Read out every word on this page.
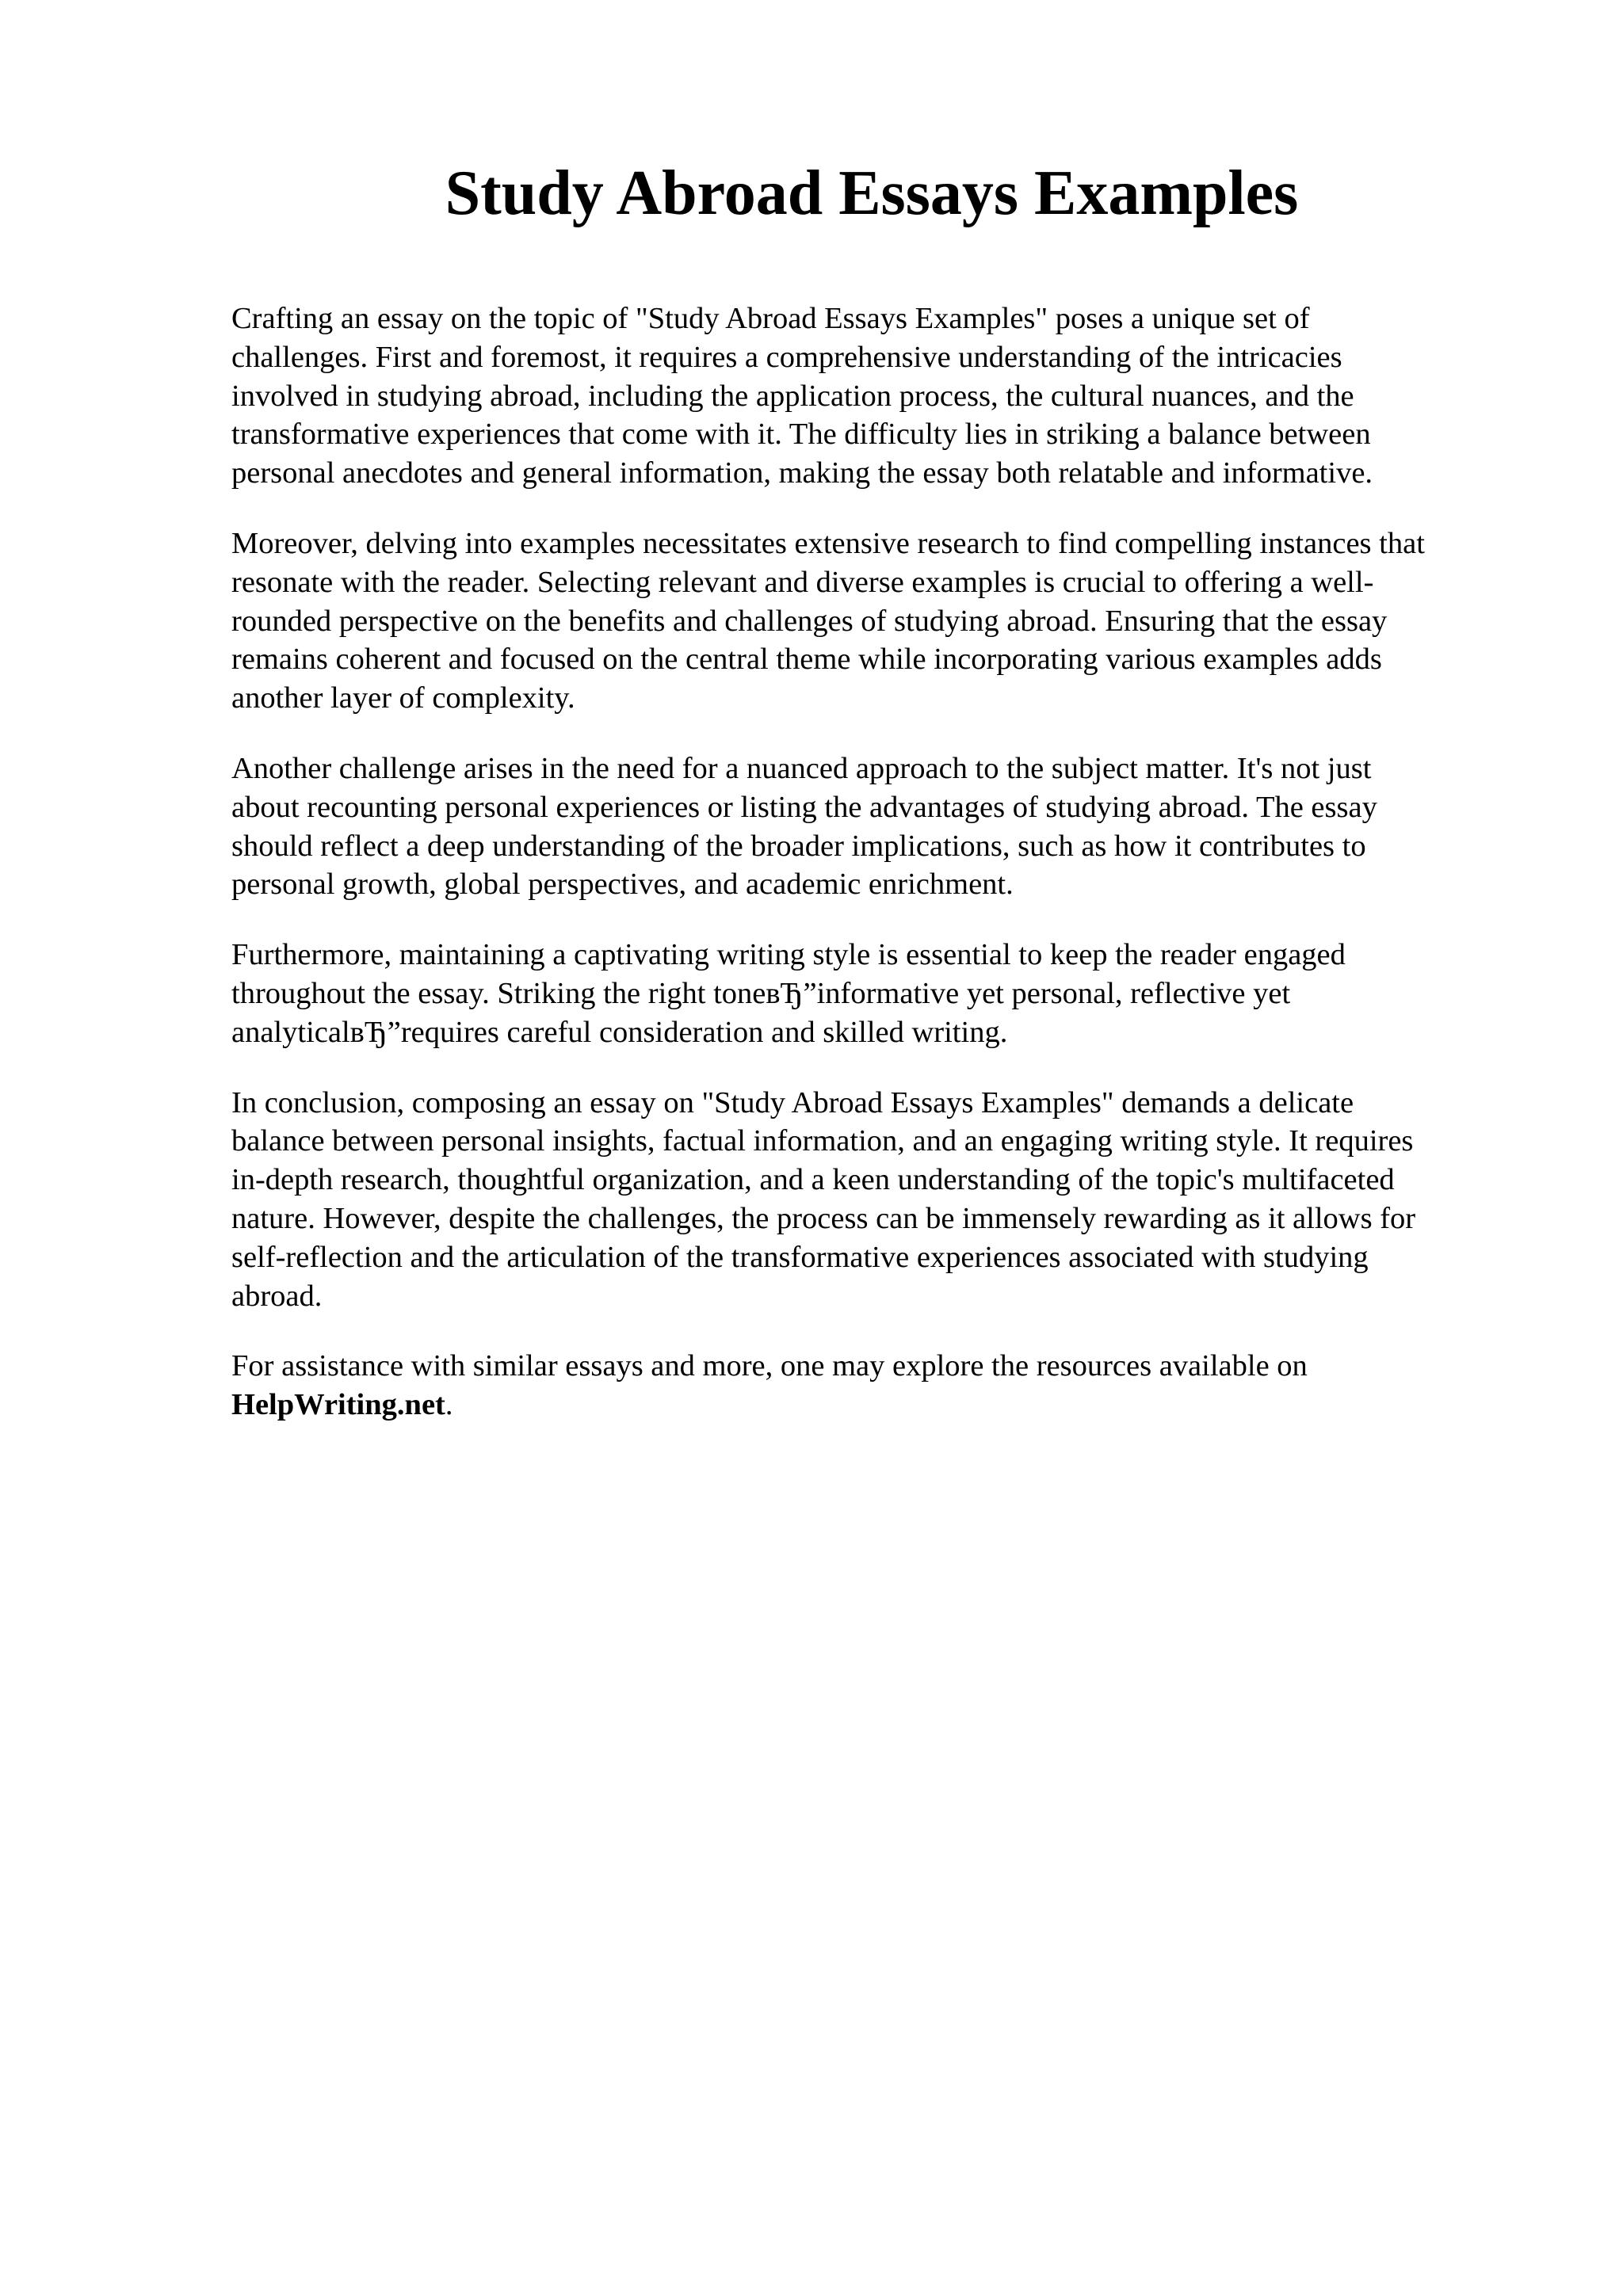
Study Abroad Essays Examples

Crafting an essay on the topic of "Study Abroad Essays Examples" poses a unique set of
challenges. First and foremost, it requires a comprehensive understanding of the intricacies
involved in studying abroad, including the application process, the cultural nuances, and the
transformative experiences that come with it. The difficulty lies in striking a balance between
personal anecdotes and general information, making the essay both relatable and informative.

Moreover, delving into examples necessitates extensive research to find compelling instances that
resonate with the reader. Selecting relevant and diverse examples is crucial to offering a well-
rounded perspective on the benefits and challenges of studying abroad. Ensuring that the essay
remains coherent and focused on the central theme while incorporating various examples adds
another layer of complexity.

Another challenge arises in the need for a nuanced approach to the subject matter. It's not just
about recounting personal experiences or listing the advantages of studying abroad. The essay
should reflect a deep understanding of the broader implications, such as how it contributes to
personal growth, global perspectives, and academic enrichment.

Furthermore, maintaining a captivating writing style is essential to keep the reader engaged
throughout the essay. Striking the right toneвЂ”informative yet personal, reflective yet
analyticalвЂ”requires careful consideration and skilled writing.

In conclusion, composing an essay on "Study Abroad Essays Examples" demands a delicate
balance between personal insights, factual information, and an engaging writing style. It requires
in-depth research, thoughtful organization, and a keen understanding of the topic's multifaceted
nature. However, despite the challenges, the process can be immensely rewarding as it allows for
self-reflection and the articulation of the transformative experiences associated with studying
abroad.

For assistance with similar essays and more, one may explore the resources available on
HelpWriting.net.
